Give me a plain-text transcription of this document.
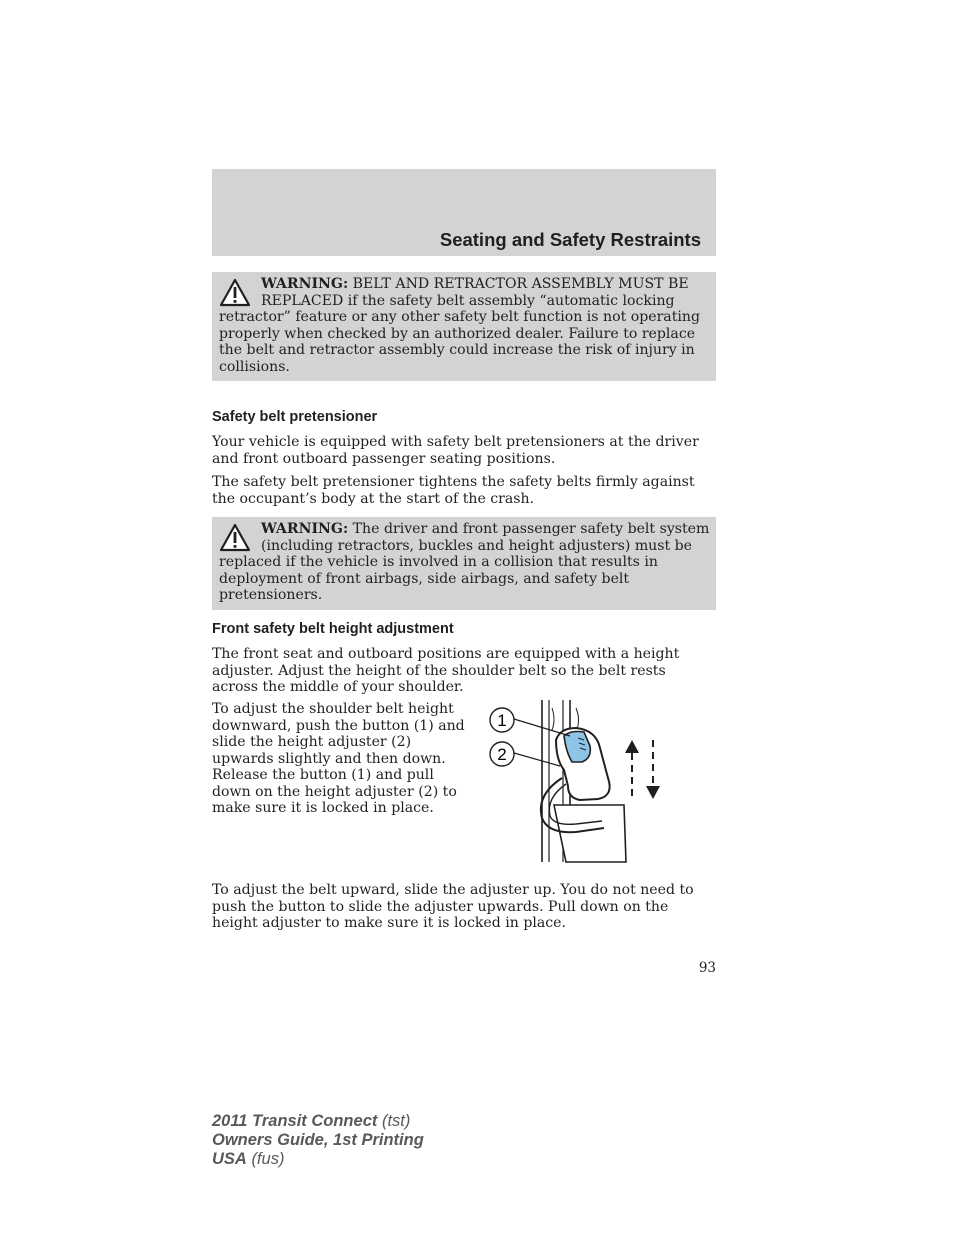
Seating and Safety Restraints
WARNING: BELT AND RETRACTOR ASSEMBLY MUST BE REPLACED if the safety belt assembly “automatic locking retractor” feature or any other safety belt function is not operating properly when checked by an authorized dealer. Failure to replace the belt and retractor assembly could increase the risk of injury in collisions.
Safety belt pretensioner

Your vehicle is equipped with safety belt pretensioners at the driver and front outboard passenger seating positions.

The safety belt pretensioner tightens the safety belts firmly against the occupant’s body at the start of the crash.

WARNING: The driver and front passenger safety belt system (including retractors, buckles and height adjusters) must be replaced if the vehicle is involved in a collision that results in deployment of front airbags, side airbags, and safety belt pretensioners.
Front safety belt height adjustment

The front seat and outboard positions are equipped with a height adjuster. Adjust the height of the shoulder belt so the belt rests across the middle of your shoulder.

To adjust the shoulder belt height downward, push the button (1) and slide the height adjuster (2) upwards slightly and then down. Release the button (1) and pull down on the height adjuster (2) to make sure it is locked in place.

1
2

To adjust the belt upward, slide the adjuster up. You do not need to push the button to slide the adjuster upwards. Pull down on the height adjuster to make sure it is locked in place.

93
2011 Transit Connect (tst)
Owners Guide, 1st Printing
USA (fus)
